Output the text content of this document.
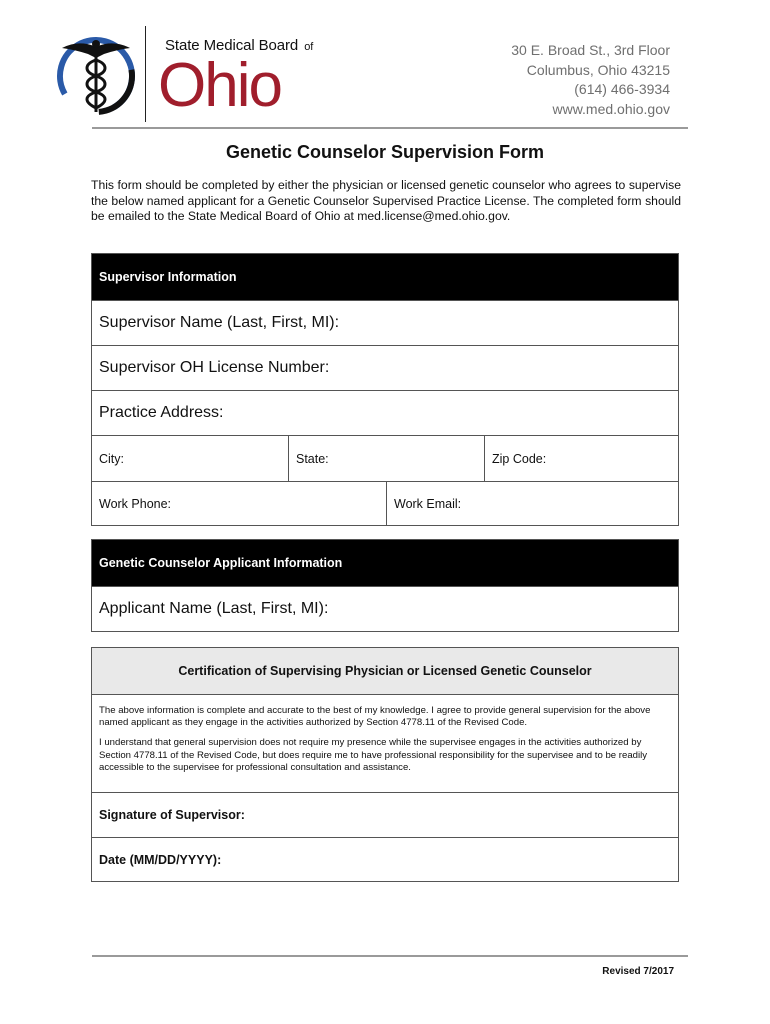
State Medical Board of
Ohio
30 E. Broad St., 3rd Floor
Columbus, Ohio 43215
(614) 466-3934
www.med.ohio.gov
Genetic Counselor Supervision Form
This form should be completed by either the physician or licensed genetic counselor who agrees to supervise the below named applicant for a Genetic Counselor Supervised Practice License. The completed form should be emailed to the State Medical Board of Ohio at med.license@med.ohio.gov.
Supervisor Information
Supervisor Name (Last, First, MI):
Supervisor OH License Number:
Practice Address:
City:	State:	Zip Code:
Work Phone:	Work Email:
Genetic Counselor Applicant Information
Applicant Name (Last, First, MI):
Certification of Supervising Physician or Licensed Genetic Counselor

The above information is complete and accurate to the best of my knowledge. I agree to provide general supervision for the above named applicant as they engage in the activities authorized by Section 4778.11 of the Revised Code.

I understand that general supervision does not require my presence while the supervisee engages in the activities authorized by Section 4778.11 of the Revised Code, but does require me to have professional responsibility for the supervisee and to be readily accessible to the supervisee for professional consultation and assistance.

Signature of Supervisor:
Date (MM/DD/YYYY):
Revised 7/2017
